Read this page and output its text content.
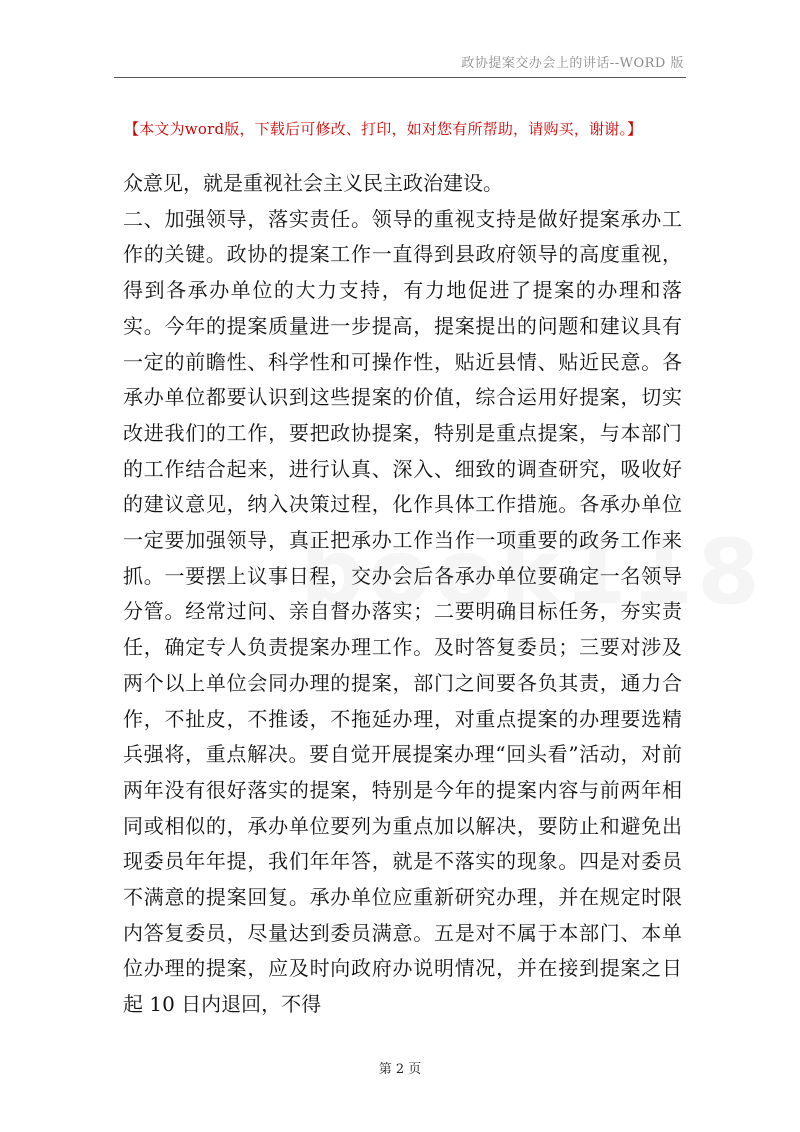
政协提案交办会上的讲话--WORD 版
【本文为word版，下载后可修改、打印，如对您有所帮助，请购买，谢谢。】

众意见，就是重视社会主义民主政治建设。

二、加强领导，落实责任。领导的重视支持是做好提案承办工作的关键。政协的提案工作一直得到县政府领导的高度重视，得到各承办单位的大力支持，有力地促进了提案的办理和落实。今年的提案质量进一步提高，提案提出的问题和建议具有一定的前瞻性、科学性和可操作性，贴近县情、贴近民意。各承办单位都要认识到这些提案的价值，综合运用好提案，切实改进我们的工作，要把政协提案，特别是重点提案，与本部门的工作结合起来，进行认真、深入、细致的调查研究，吸收好的建议意见，纳入决策过程，化作具体工作措施。各承办单位一定要加强领导，真正把承办工作当作一项重要的政务工作来抓。一要摆上议事日程，交办会后各承办单位要确定一名领导分管。经常过问、亲自督办落实；二要明确目标任务，夯实责任，确定专人负责提案办理工作。及时答复委员；三要对涉及两个以上单位会同办理的提案，部门之间要各负其责，通力合作，不扯皮，不推诿，不拖延办理，对重点提案的办理要选精兵强将，重点解决。要自觉开展提案办理“回头看”活动，对前两年没有很好落实的提案，特别是今年的提案内容与前两年相同或相似的，承办单位要列为重点加以解决，要防止和避免出现委员年年提，我们年年答，就是不落实的现象。四是对委员不满意的提案回复。承办单位应重新研究办理，并在规定时限内答复委员，尽量达到委员满意。五是对不属于本部门、本单位办理的提案，应及时向政府办说明情况，并在接到提案之日起 10 日内退回，不得

第 2 页
